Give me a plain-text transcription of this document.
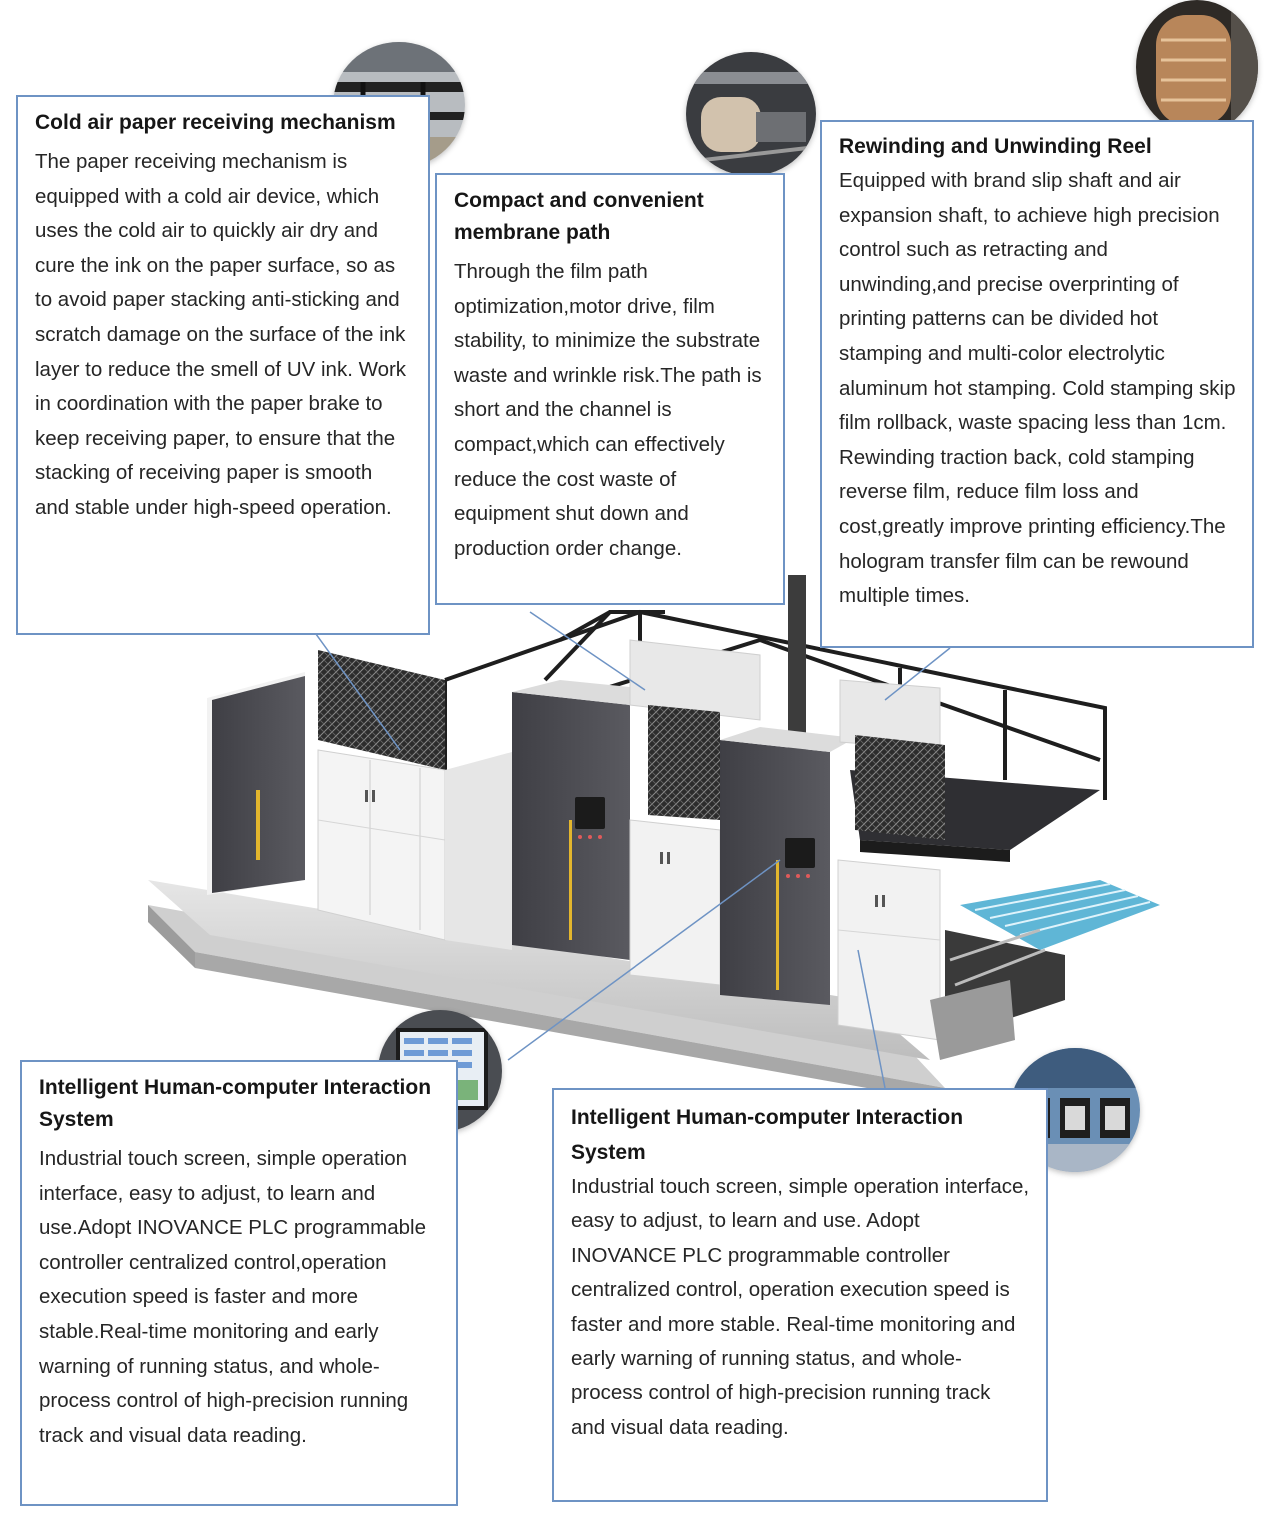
Cold air paper receiving mechanism

The paper receiving mechanism is equipped with a cold air device, which uses the cold air to quickly air dry and cure the ink on the paper surface, so as to avoid paper stacking anti-sticking and scratch damage on the surface of the ink layer to reduce the smell of UV ink. Work in coordination with the paper brake to keep receiving paper, to ensure that the stacking of receiving paper is smooth and stable under high-speed operation.

Compact and convenient membrane path

Through the film path optimization,motor drive, film stability, to minimize the substrate waste and wrinkle risk.The path is short and the channel is compact,which can effectively reduce the cost waste of equipment shut down and production order change.

Rewinding and Unwinding Reel

Equipped with brand slip shaft and air expansion shaft, to achieve high precision control such as retracting and unwinding,and precise overprinting of printing patterns can be divided hot stamping and multi-color electrolytic aluminum hot stamping. Cold stamping skip film rollback, waste spacing less than 1cm. Rewinding traction back, cold stamping reverse film, reduce film loss and cost,greatly improve printing efficiency.The hologram transfer film can be rewound multiple times.

Intelligent Human-computer Interaction System

Industrial touch screen, simple operation interface, easy to adjust, to learn and use.Adopt INOVANCE PLC programmable controller centralized control,operation execution speed is faster and more stable.Real-time monitoring and early warning of running status, and whole-process control of high-precision running track and visual data reading.

Intelligent Human-computer Interaction System

Industrial touch screen, simple operation interface, easy to adjust, to learn and use. Adopt INOVANCE PLC programmable controller centralized control, operation execution speed is faster and more stable. Real-time monitoring and early warning of running status, and whole-process control of high-precision running track and visual data reading.
